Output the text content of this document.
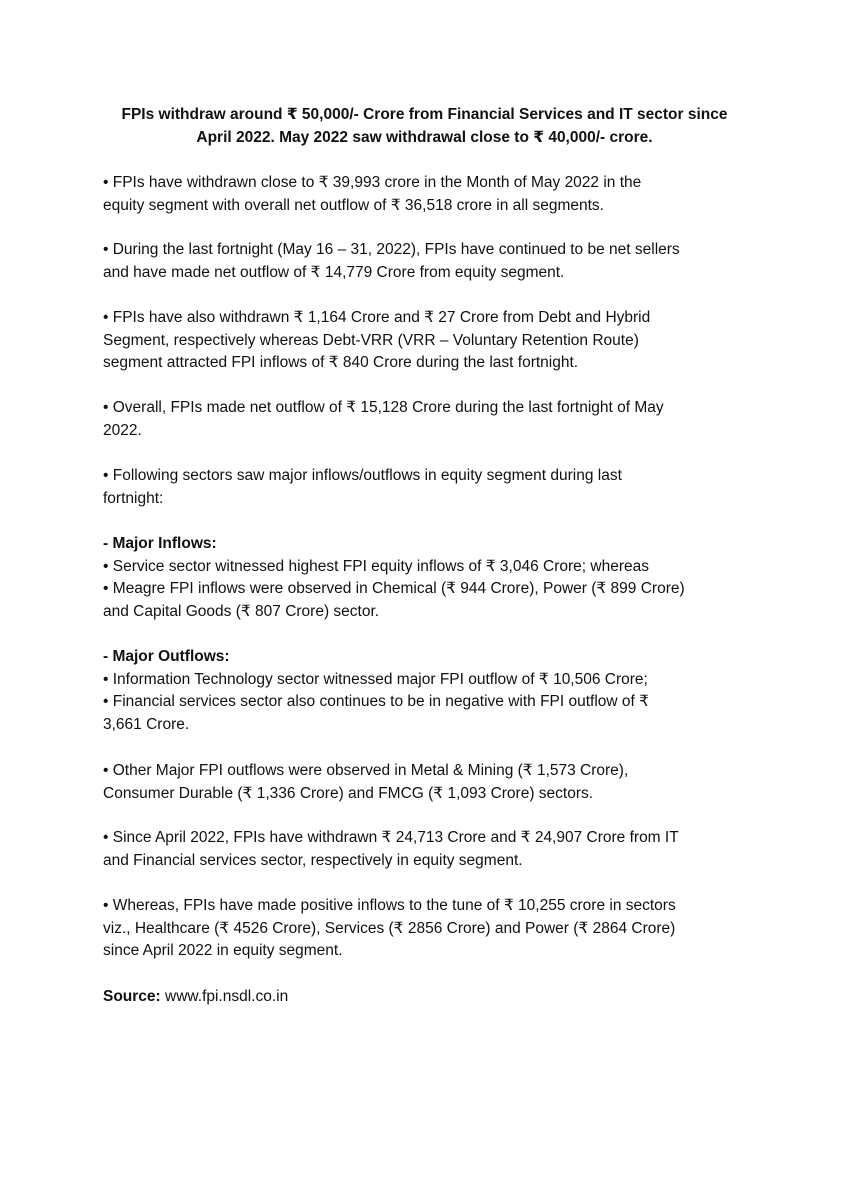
FPIs withdraw around ₹ 50,000/- Crore from Financial Services and IT sector since
April 2022. May 2022 saw withdrawal close to ₹ 40,000/- crore.

• FPIs have withdrawn close to ₹ 39,993 crore in the Month of May 2022 in the
equity segment with overall net outflow of ₹ 36,518 crore in all segments.

• During the last fortnight (May 16 – 31, 2022), FPIs have continued to be net sellers
and have made net outflow of ₹ 14,779 Crore from equity segment.

• FPIs have also withdrawn ₹ 1,164 Crore and ₹ 27 Crore from Debt and Hybrid
Segment, respectively whereas Debt-VRR (VRR – Voluntary Retention Route)
segment attracted FPI inflows of ₹ 840 Crore during the last fortnight.

• Overall, FPIs made net outflow of ₹ 15,128 Crore during the last fortnight of May
2022.

• Following sectors saw major inflows/outflows in equity segment during last
fortnight:

- Major Inflows:
• Service sector witnessed highest FPI equity inflows of ₹ 3,046 Crore; whereas
• Meagre FPI inflows were observed in Chemical (₹ 944 Crore), Power (₹ 899 Crore)
and Capital Goods (₹ 807 Crore) sector.
- Major Outflows:
• Information Technology sector witnessed major FPI outflow of ₹ 10,506 Crore;
• Financial services sector also continues to be in negative with FPI outflow of ₹
3,661 Crore.

• Other Major FPI outflows were observed in Metal & Mining (₹ 1,573 Crore),
Consumer Durable (₹ 1,336 Crore) and FMCG (₹ 1,093 Crore) sectors.

• Since April 2022, FPIs have withdrawn ₹ 24,713 Crore and ₹ 24,907 Crore from IT
and Financial services sector, respectively in equity segment.

• Whereas, FPIs have made positive inflows to the tune of ₹ 10,255 crore in sectors
viz., Healthcare (₹ 4526 Crore), Services (₹ 2856 Crore) and Power (₹ 2864 Crore)
since April 2022 in equity segment.

Source: www.fpi.nsdl.co.in
